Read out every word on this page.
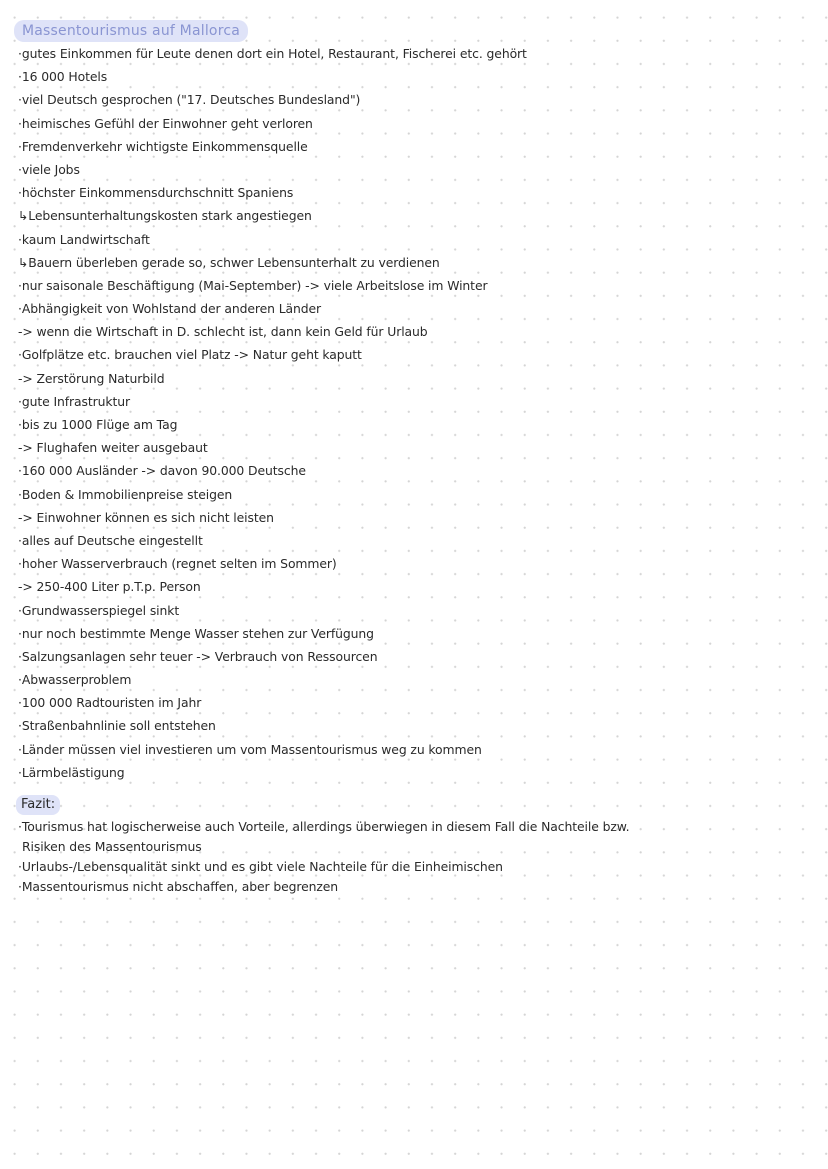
Massentourismus auf Mallorca
·gutes Einkommen für Leute denen dort ein Hotel, Restaurant, Fischerei etc. gehört
·16 000 Hotels
·viel Deutsch gesprochen ("17. Deutsches Bundesland")
·heimisches Gefühl der Einwohner geht verloren
·Fremdenverkehr wichtigste Einkommensquelle
·viele Jobs
·höchster Einkommensdurchschnitt Spaniens
↳Lebensunterhaltungskosten stark angestiegen
·kaum Landwirtschaft
↳Bauern überleben gerade so, schwer Lebensunterhalt zu verdienen
·nur saisonale Beschäftigung (Mai-September) -> viele Arbeitslose im Winter
·Abhängigkeit von Wohlstand der anderen Länder
-> wenn die Wirtschaft in D. schlecht ist, dann kein Geld für Urlaub
·Golfplätze etc. brauchen viel Platz -> Natur geht kaputt
-> Zerstörung Naturbild
·gute Infrastruktur
·bis zu 1000 Flüge am Tag
-> Flughafen weiter ausgebaut
·160 000 Ausländer -> davon 90.000 Deutsche
·Boden & Immobilienpreise steigen
-> Einwohner können es sich nicht leisten
·alles auf Deutsche eingestellt
·hoher Wasserverbrauch (regnet selten im Sommer)
-> 250-400 Liter p.T.p. Person
·Grundwasserspiegel sinkt
·nur noch bestimmte Menge Wasser stehen zur Verfügung
·Salzungsanlagen sehr teuer -> Verbrauch von Ressourcen
·Abwasserproblem
·100 000 Radtouristen im Jahr
·Straßenbahnlinie soll entstehen
·Länder müssen viel investieren um vom Massentourismus weg zu kommen
·Lärmbelästigung
Fazit:
·Tourismus hat logischerweise auch Vorteile, allerdings überwiegen in diesem Fall die Nachteile bzw.
Risiken des Massentourismus
·Urlaubs-/Lebensqualität sinkt und es gibt viele Nachteile für die Einheimischen
·Massentourismus nicht abschaffen, aber begrenzen
